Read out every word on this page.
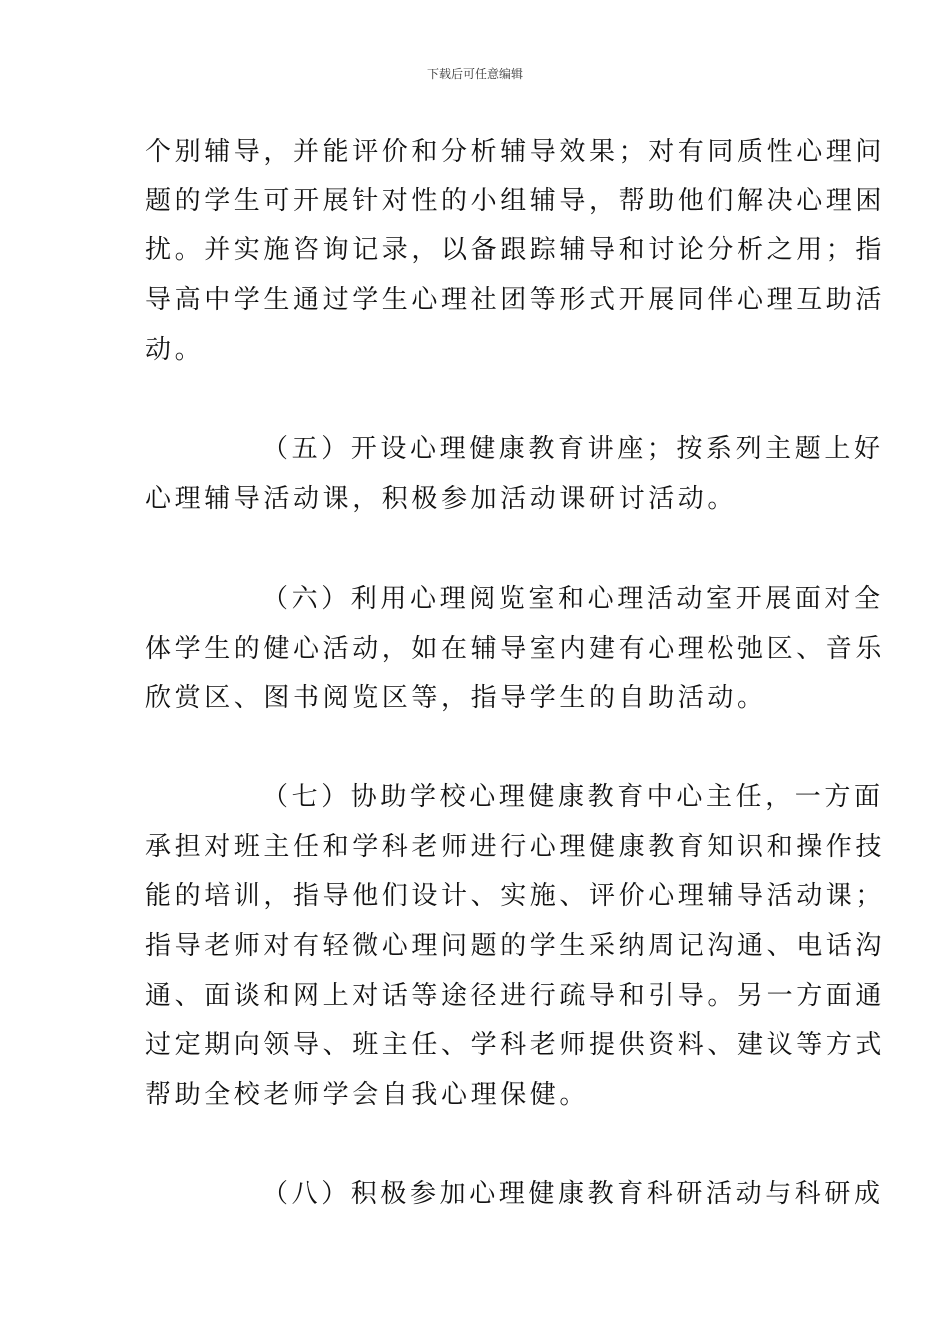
下载后可任意编辑
个别辅导，并能评价和分析辅导效果；对有同质性心理问
题的学生可开展针对性的小组辅导，帮助他们解决心理困
扰。并实施咨询记录，以备跟踪辅导和讨论分析之用；指
导高中学生通过学生心理社团等形式开展同伴心理互助活
动。
（五）开设心理健康教育讲座；按系列主题上好
心理辅导活动课，积极参加活动课研讨活动。
（六）利用心理阅览室和心理活动室开展面对全
体学生的健心活动，如在辅导室内建有心理松弛区、音乐
欣赏区、图书阅览区等，指导学生的自助活动。
（七）协助学校心理健康教育中心主任，一方面
承担对班主任和学科老师进行心理健康教育知识和操作技
能的培训，指导他们设计、实施、评价心理辅导活动课；
指导老师对有轻微心理问题的学生采纳周记沟通、电话沟
通、面谈和网上对话等途径进行疏导和引导。另一方面通
过定期向领导、班主任、学科老师提供资料、建议等方式
帮助全校老师学会自我心理保健。
（八）积极参加心理健康教育科研活动与科研成
